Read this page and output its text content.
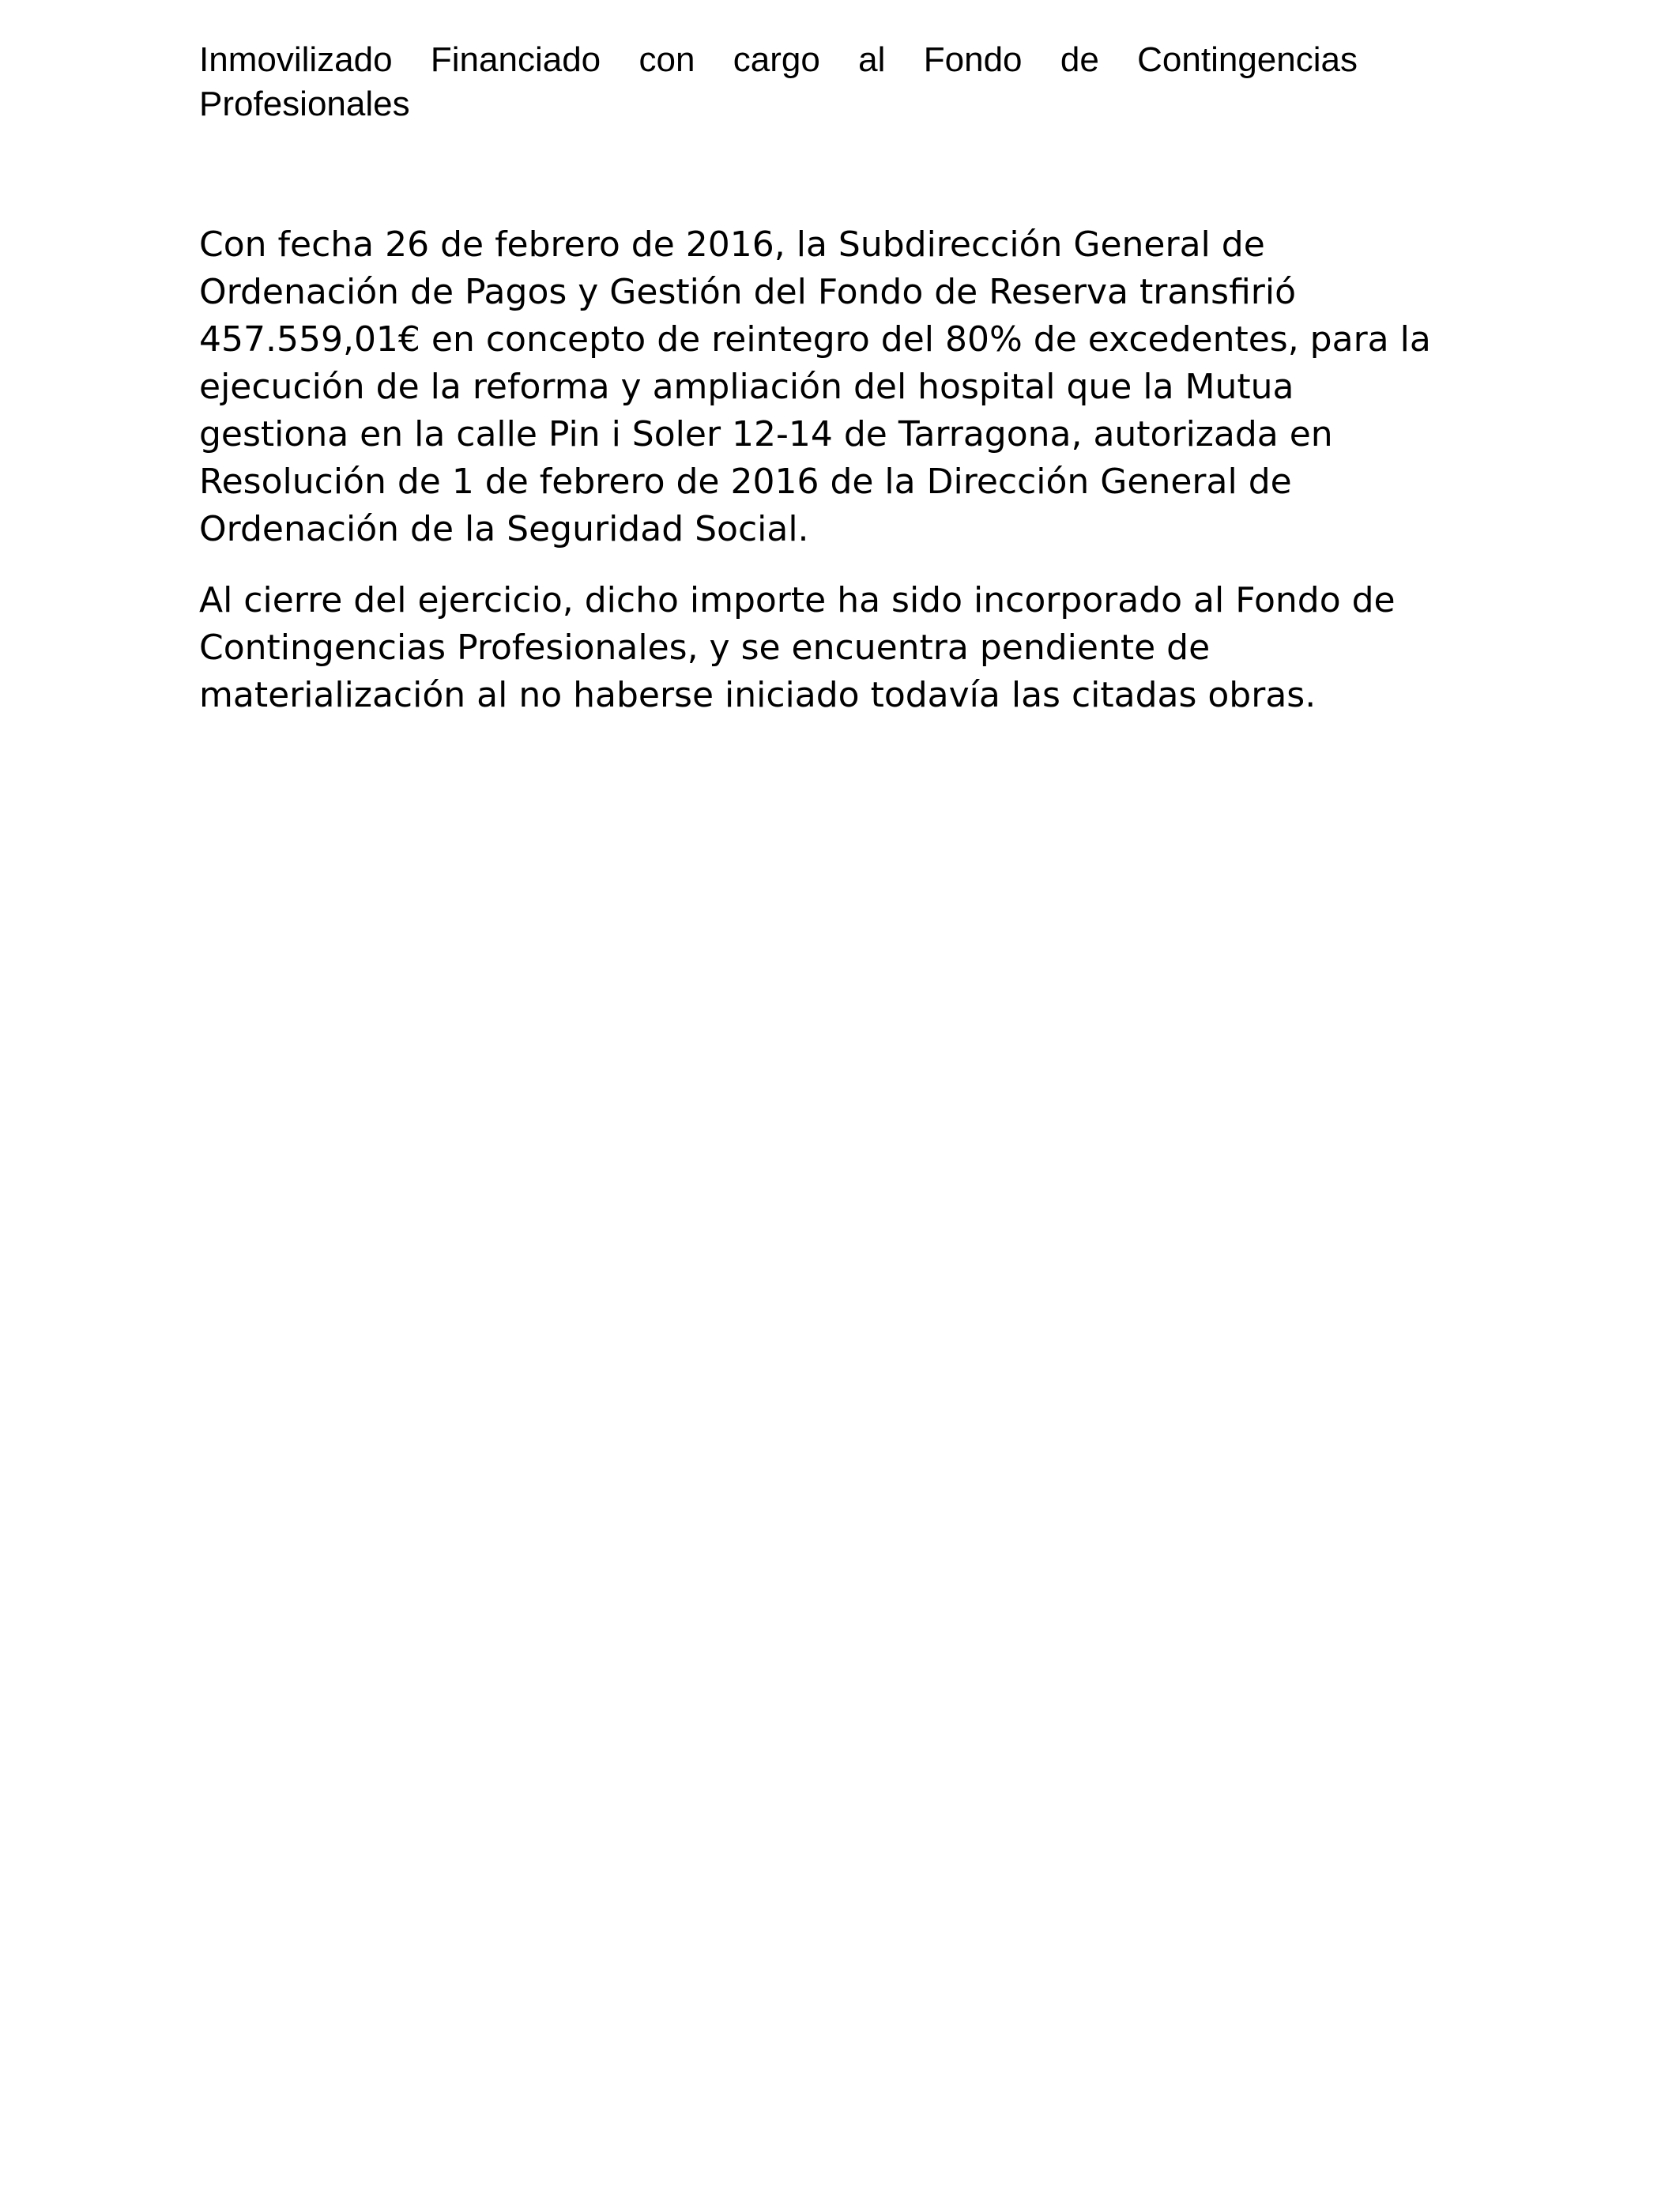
Inmovilizado Financiado con cargo al Fondo de Contingencias Profesionales

Con fecha 26 de febrero de 2016, la Subdirección General de
Ordenación de Pagos y Gestión del Fondo de Reserva transfirió
457.559,01€ en concepto de reintegro del 80% de excedentes, para la
ejecución de la reforma y ampliación del hospital que la Mutua
gestiona en la calle Pin i Soler 12-14 de Tarragona, autorizada en
Resolución de 1 de febrero de 2016 de la Dirección General de
Ordenación de la Seguridad Social.

Al cierre del ejercicio, dicho importe ha sido incorporado al Fondo de
Contingencias Profesionales, y se encuentra pendiente de
materialización al no haberse iniciado todavía las citadas obras.
